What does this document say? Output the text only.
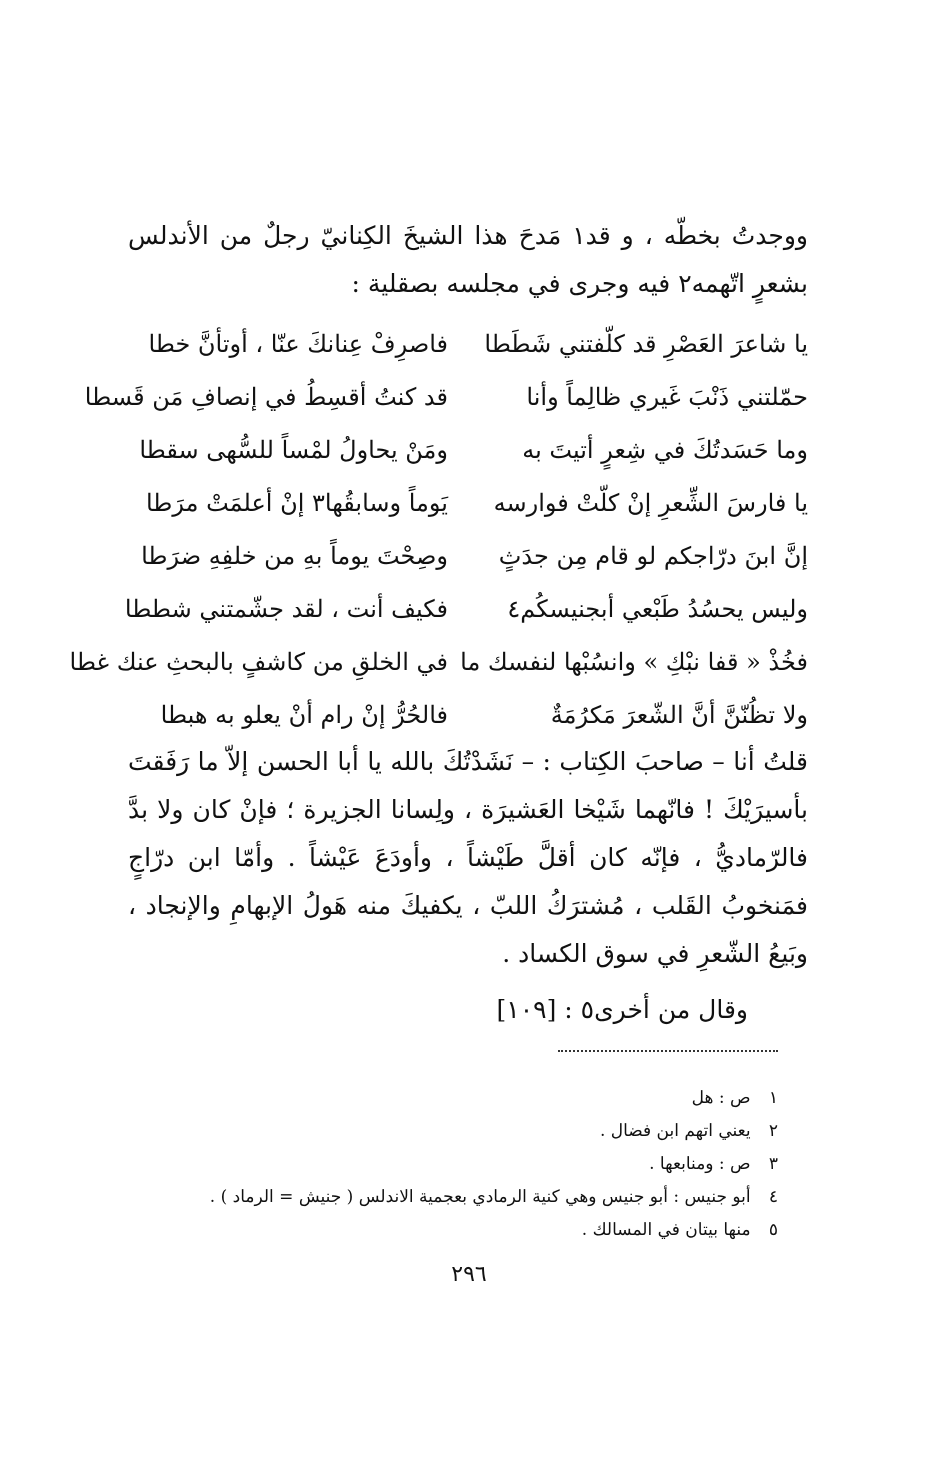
ووجدتُ بخطّه ، و قد١ مَدحَ هذا الشيخَ الكِنانيّ رجلٌ من الأندلس بشعرٍ اتّهمه٢ فيه وجرى في مجلسه بصقلية :

يا شاعرَ العَصْرِ قد كلّفتني شَطَطا
فاصرِفْ عِنانكَ عنّا ، أوتأنَّ خطا
حمّلتني ذَنْبَ غَيري ظالِماً وأنا
قد كنتُ أقسِطُ في إنصافِ مَن قَسطا
وما حَسَدتُكَ في شِعرٍ أتيتَ به
ومَنْ يحاولُ لمْساً للسُّهى سقطا
يا فارسَ الشِّعرِ إنْ كلّتْ فوارسه
يَوماً وسابقُها٣ إنْ أعلمَتْ مرَطا
إنَّ ابنَ درّاجكم لو قام مِن جدَثٍ
وصِحْتَ يوماً بهِ من خلفِهِ ضرَطا
وليس يحسُدُ طَبْعي أبجنيسكُم٤
فكيف أنت ، لقد جشّمتني شططا
فخُذْ « قفا نبْكِ » وانسُبْها لنفسك ما
في الخلقِ من كاشفٍ بالبحثِ عنك غطا
ولا تظُنّنَّ أنَّ الشّعرَ مَكرُمَةٌ
فالحُرُّ إنْ رام أنْ يعلو به هبطا

قلتُ أنا – صاحبَ الكِتاب : – نَشَدْتُكَ بالله يا أبا الحسن إلاّ ما رَفَقتَ بأسيرَيْكَ ! فانّهما شَيْخا العَشيرَة ، ولِسانا الجزيرة ؛ فإنْ كان ولا بدَّ فالرّماديُّ ، فإنّه كان أقلَّ طَيْشاً ، وأودَعَ عَيْشاً . وأمّا ابن درّاجٍ فمَنخوبُ القَلب ، مُشترَكُ اللبّ ، يكفيكَ منه هَولُ الإبهامِ والإنجاد ، وبَيعُ الشّعرِ في سوق الكساد .

وقال من أخرى٥ : [١٠٩]
١ ص : هل
٢ يعني اتهم ابن فضال .
٣ ص : ومنابعها .
٤ أبو جنيس : أبو جنيس وهي كنية الرمادي بعجمية الاندلس ( جنيش = الرماد ) .
٥ منها بيتان في المسالك .
٢٩٦
